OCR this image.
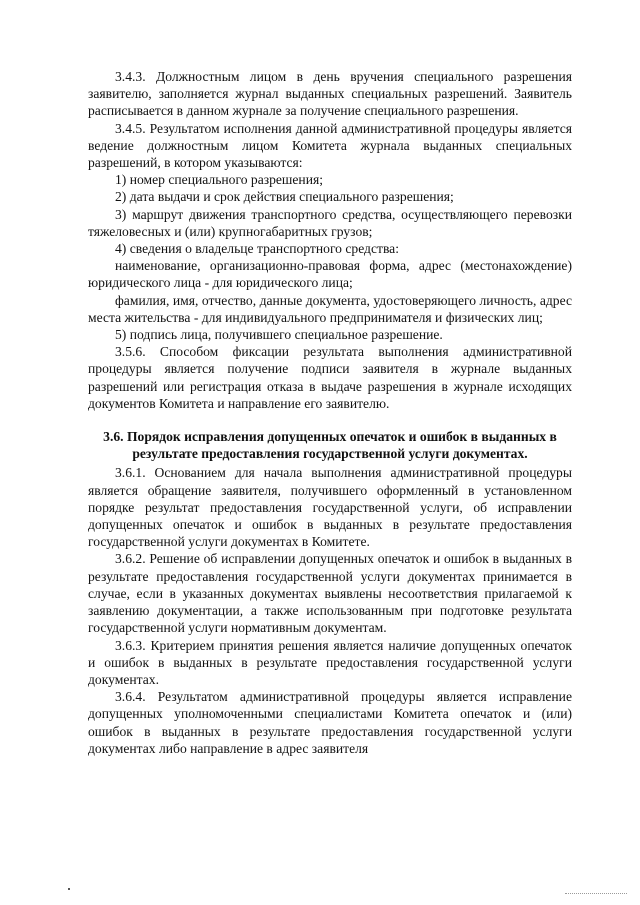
3.4.3. Должностным лицом в день вручения специального разрешения заявителю, заполняется журнал выданных специальных разрешений. Заявитель расписывается в данном журнале за получение специального разрешения.

3.4.5. Результатом исполнения данной административной процедуры является ведение должностным лицом Комитета журнала выданных специальных разрешений, в котором указываются:

1) номер специального разрешения;

2) дата выдачи и срок действия специального разрешения;

3) маршрут движения транспортного средства, осуществляющего перевозки тяжеловесных и (или) крупногабаритных грузов;

4) сведения о владельце транспортного средства:

наименование, организационно-правовая форма, адрес (местонахождение) юридического лица - для юридического лица;

фамилия, имя, отчество, данные документа, удостоверяющего личность, адрес места жительства - для индивидуального предпринимателя и физических лиц;

5) подпись лица, получившего специальное разрешение.

3.5.6. Способом фиксации результата выполнения административной процедуры является получение подписи заявителя в журнале выданных разрешений или регистрация отказа в выдаче разрешения в журнале исходящих документов Комитета и направление его заявителю.

3.6. Порядок исправления допущенных опечаток и ошибок в выданных в результате предоставления государственной услуги документах.

3.6.1. Основанием для начала выполнения административной процедуры является обращение заявителя, получившего оформленный в установленном порядке результат предоставления государственной услуги, об исправлении допущенных опечаток и ошибок в выданных в результате предоставления государственной услуги документах в Комитете.

3.6.2. Решение об исправлении допущенных опечаток и ошибок в выданных в результате предоставления государственной услуги документах принимается в случае, если в указанных документах выявлены несоответствия прилагаемой к заявлению документации, а также использованным при подготовке результата государственной услуги нормативным документам.

3.6.3. Критерием принятия решения является наличие допущенных опечаток и ошибок в выданных в результате предоставления государственной услуги документах.

3.6.4. Результатом административной процедуры является исправление допущенных уполномоченными специалистами Комитета опечаток и (или) ошибок в выданных в результате предоставления государственной услуги документах либо направление в адрес заявителя
